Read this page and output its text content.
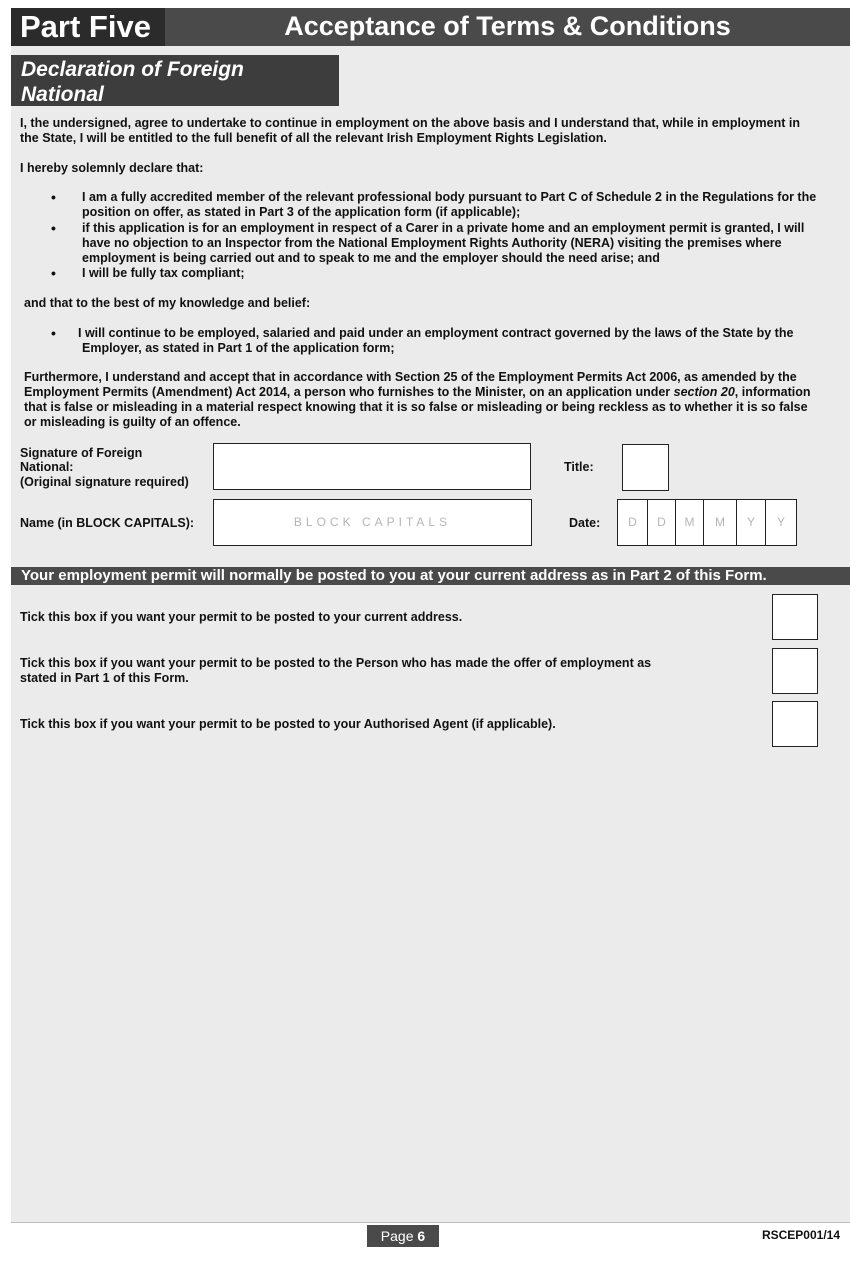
Part Five	Acceptance of Terms & Conditions
Declaration of Foreign
National
I, the undersigned, agree to undertake to continue in employment on the above basis and I understand that, while in employment in
the State, I will be entitled to the full benefit of all the relevant Irish Employment Rights Legislation.
I hereby solemnly declare that:
• I am a fully accredited member of the relevant professional body pursuant to Part C of Schedule 2 in the Regulations for the
position on offer, as stated in Part 3 of the application form (if applicable);
• if this application is for an employment in respect of a Carer in a private home and an employment permit is granted, I will
have no objection to an Inspector from the National Employment Rights Authority (NERA) visiting the premises where
employment is being carried out and to speak to me and the employer should the need arise; and
• I will be fully tax compliant;
and that to the best of my knowledge and belief:
• I will continue to be employed, salaried and paid under an employment contract governed by the laws of the State by the
Employer, as stated in Part 1 of the application form;
Furthermore, I understand and accept that in accordance with Section 25 of the Employment Permits Act 2006, as amended by the
Employment Permits (Amendment) Act 2014, a person who furnishes to the Minister, on an application under section 20, information
that is false or misleading in a material respect knowing that it is so false or misleading or being reckless as to whether it is so false
or misleading is guilty of an offence.
Signature of Foreign
National:
(Original signature required)
Title:
Name (in BLOCK CAPITALS):	BLOCK CAPITALS	Date:	D	D	M	M	Y	Y
Your employment permit will normally be posted to you at your current address as in Part 2 of this Form.
Tick this box if you want your permit to be posted to your current address.
Tick this box if you want your permit to be posted to the Person who has made the offer of employment as
stated in Part 1 of this Form.
Tick this box if you want your permit to be posted to your Authorised Agent (if applicable).
Page 6	RSCEP001/14
